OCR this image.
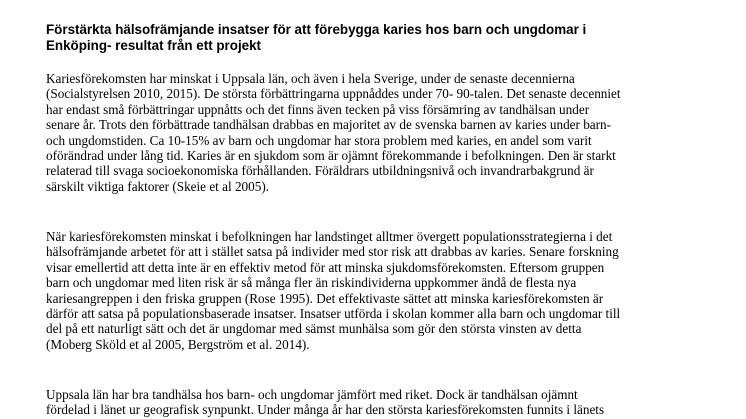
Förstärkta hälsofrämjande insatser för att förebygga karies hos barn och ungdomar i
Enköping- resultat från ett projekt

Kariesförekomsten har minskat i Uppsala län, och även i hela Sverige, under de senaste decennierna
(Socialstyrelsen 2010, 2015). De största förbättringarna uppnåddes under 70- 90-talen. Det senaste decenniet
har endast små förbättringar uppnåtts och det finns även tecken på viss försämring av tandhälsan under
senare år. Trots den förbättrade tandhälsan drabbas en majoritet av de svenska barnen av karies under barn-
och ungdomstiden. Ca 10-15% av barn och ungdomar har stora problem med karies, en andel som varit
oförändrad under lång tid. Karies är en sjukdom som är ojämnt förekommande i befolkningen. Den är starkt
relaterad till svaga socioekonomiska förhållanden. Föräldrars utbildningsnivå och invandrarbakgrund är
särskilt viktiga faktorer (Skeie et al 2005).

När kariesförekomsten minskat i befolkningen har landstinget alltmer övergett populationsstrategierna i det
hälsofrämjande arbetet för att i stället satsa på individer med stor risk att drabbas av karies. Senare forskning
visar emellertid att detta inte är en effektiv metod för att minska sjukdomsförekomsten. Eftersom gruppen
barn och ungdomar med liten risk är så många fler än riskindividerna uppkommer ändå de flesta nya
kariesangreppen i den friska gruppen (Rose 1995). Det effektivaste sättet att minska kariesförekomsten är
därför att satsa på populationsbaserade insatser. Insatser utförda i skolan kommer alla barn och ungdomar till
del på ett naturligt sätt och det är ungdomar med sämst munhälsa som gör den största vinsten av detta
(Moberg Sköld et al 2005, Bergström et al. 2014).

Uppsala län har bra tandhälsa hos barn- och ungdomar jämfört med riket. Dock är tandhälsan ojämnt
fördelad i länet ur geografisk synpunkt. Under många år har den största kariesförekomsten funnits i länets
